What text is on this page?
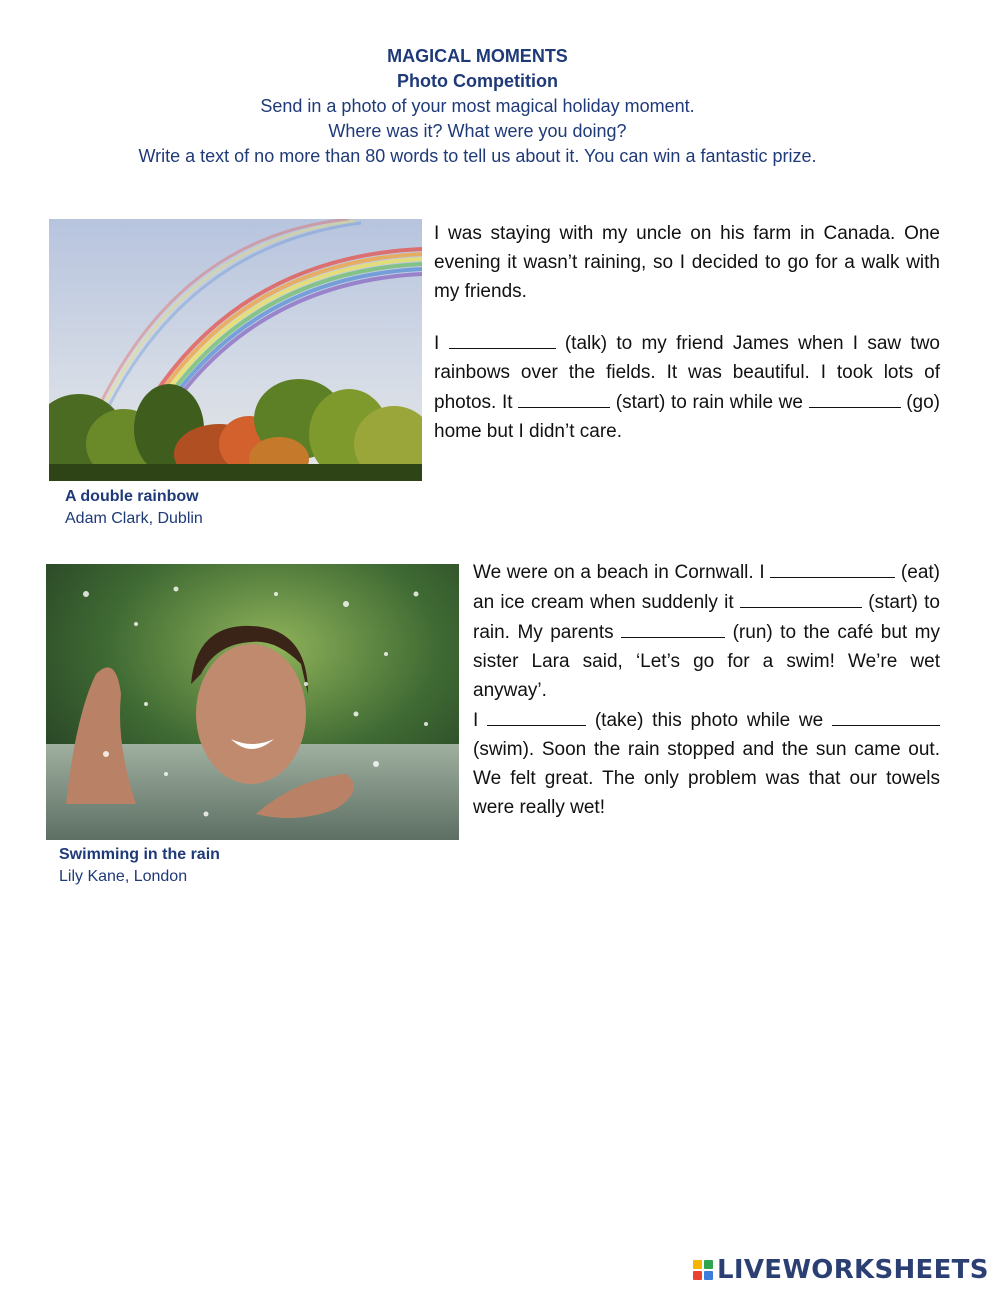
MAGICAL MOMENTS
Photo Competition
Send in a photo of your most magical holiday moment.
Where was it? What were you doing?
Write a text of no more than 80 words to tell us about it. You can win a fantastic prize.
A double rainbow
Adam Clark, Dublin

I was staying with my uncle on his farm in Canada. One evening it wasn’t raining, so I decided to go for a walk with my friends.

I	(talk) to my friend James when I saw two rainbows over the fields. It was beautiful. I took lots of photos. It	(start) to rain while we	(go) home but I didn’t care.

Swimming in the rain
Lily Kane, London

We were on a beach in Cornwall. I	(eat) an ice cream when suddenly it	(start) to rain. My parents	(run) to the café but my sister Lara said, ‘Let’s go for a swim! We’re wet anyway’.

I	(take) this photo while we  (swim). Soon the rain stopped and the sun came out. We felt great. The only problem was that our towels were really wet!

LIVEWORKSHEETS
